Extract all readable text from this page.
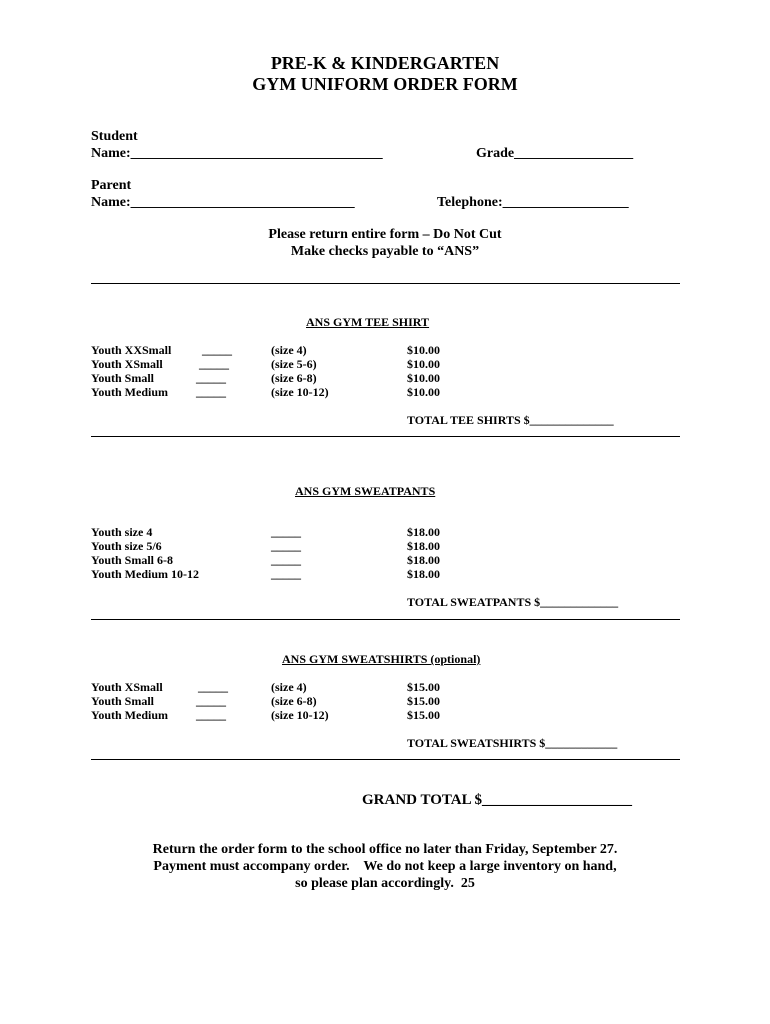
PRE-K & KINDERGARTEN
GYM UNIFORM ORDER FORM
Student
Name:____________________________________	Grade_________________
Parent
Name:________________________________	Telephone:__________________
Please return entire form – Do Not Cut
Make checks payable to “ANS”
ANS GYM TEE SHIRT
Youth XXSmall	_____	(size 4)	$10.00
Youth XSmall	_____	(size 5-6)	$10.00
Youth Small	_____	(size 6-8)	$10.00
Youth Medium _____	(size 10-12)	$10.00
TOTAL TEE SHIRTS $______________
ANS GYM SWEATPANTS
Youth size 4	_____	$18.00
Youth size 5/6	_____	$18.00
Youth Small 6-8	_____	$18.00
Youth Medium 10-12	_____	$18.00
TOTAL SWEATPANTS $_____________
ANS GYM SWEATSHIRTS (optional)
Youth XSmall	_____	(size 4)	$15.00
Youth Small	_____	(size 6-8)	$15.00
Youth Medium _____	(size 10-12)	$15.00
TOTAL SWEATSHIRTS $____________
GRAND TOTAL $____________________
Return the order form to the school office no later than Friday, September 27.
Payment must accompany order.    We do not keep a large inventory on hand,
so please plan accordingly.  25
